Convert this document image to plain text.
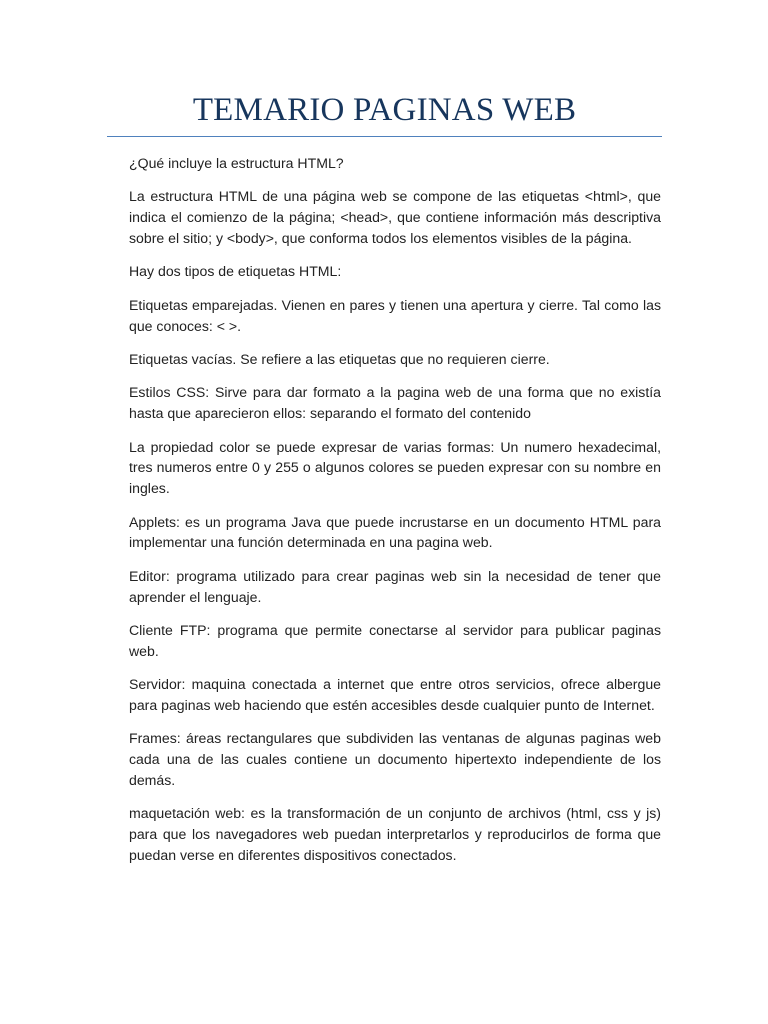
TEMARIO PAGINAS WEB

¿Qué incluye la estructura HTML?

La estructura HTML de una página web se compone de las etiquetas <html>, que indica el comienzo de la página; <head>, que contiene información más descriptiva sobre el sitio; y <body>, que conforma todos los elementos visibles de la página.

Hay dos tipos de etiquetas HTML:

Etiquetas emparejadas. Vienen en pares y tienen una apertura y cierre. Tal como las que conoces: < >.

Etiquetas vacías. Se refiere a las etiquetas que no requieren cierre.

Estilos CSS: Sirve para dar formato a la pagina web de una forma que no existía hasta que aparecieron ellos: separando el formato del contenido

La propiedad color se puede expresar de varias formas: Un numero hexadecimal, tres numeros entre 0 y 255 o algunos colores se pueden expresar con su nombre en ingles.

Applets: es un programa Java que puede incrustarse en un documento HTML para implementar una función determinada en una pagina web.

Editor: programa utilizado para crear paginas web sin la necesidad de tener que aprender el lenguaje.

Cliente FTP: programa que permite conectarse al servidor para publicar paginas web.

Servidor: maquina conectada a internet que entre otros servicios, ofrece albergue para paginas web haciendo que estén accesibles desde cualquier punto de Internet.

Frames: áreas rectangulares que subdividen las ventanas de algunas paginas web cada una de las cuales contiene un documento hipertexto independiente de los demás.

maquetación web: es la transformación de un conjunto de archivos (html, css y js) para que los navegadores web puedan interpretarlos y reproducirlos de forma que puedan verse en diferentes dispositivos conectados.
